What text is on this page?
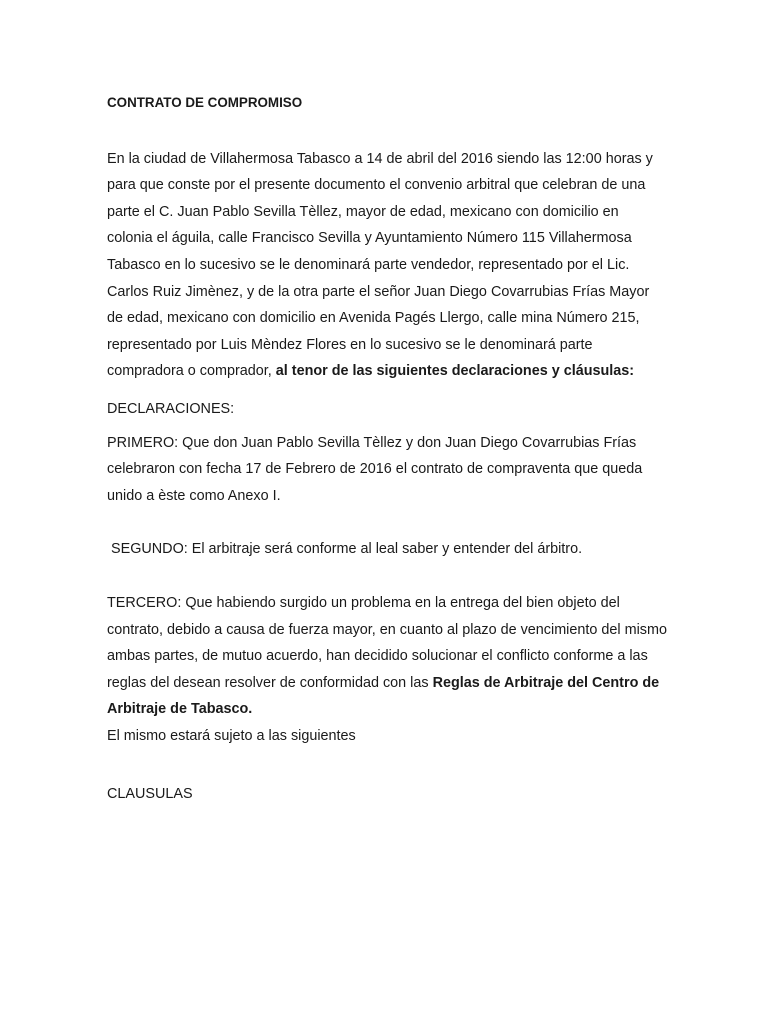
CONTRATO DE COMPROMISO

En la ciudad de Villahermosa Tabasco a 14 de abril del 2016 siendo las 12:00 horas y para que conste por el presente documento el convenio arbitral que celebran de una parte el C. Juan Pablo Sevilla Tèllez, mayor de edad, mexicano con domicilio en colonia el águila, calle Francisco Sevilla y Ayuntamiento Número 115 Villahermosa Tabasco en lo sucesivo se le denominará parte vendedor, representado por el Lic. Carlos Ruiz Jimènez, y de la otra parte el señor Juan Diego Covarrubias Frías Mayor de edad, mexicano con domicilio en Avenida Pagés Llergo, calle mina Número 215, representado por Luis Mèndez Flores en lo sucesivo se le denominará parte compradora o comprador, al tenor de las siguientes declaraciones y cláusulas:

DECLARACIONES:

PRIMERO: Que don Juan Pablo Sevilla Tèllez y don Juan Diego Covarrubias Frías celebraron con fecha 17 de Febrero de 2016 el contrato de compraventa que queda unido a èste como Anexo I.

SEGUNDO: El arbitraje será conforme al leal saber y entender del árbitro.

TERCERO: Que habiendo surgido un problema en la entrega del bien objeto del contrato, debido a causa de fuerza mayor, en cuanto al plazo de vencimiento del mismo ambas partes, de mutuo acuerdo, han decidido solucionar el conflicto conforme a las reglas del desean resolver de conformidad con las Reglas de Arbitraje del Centro de Arbitraje de Tabasco.

El mismo estará sujeto a las siguientes

CLAUSULAS
